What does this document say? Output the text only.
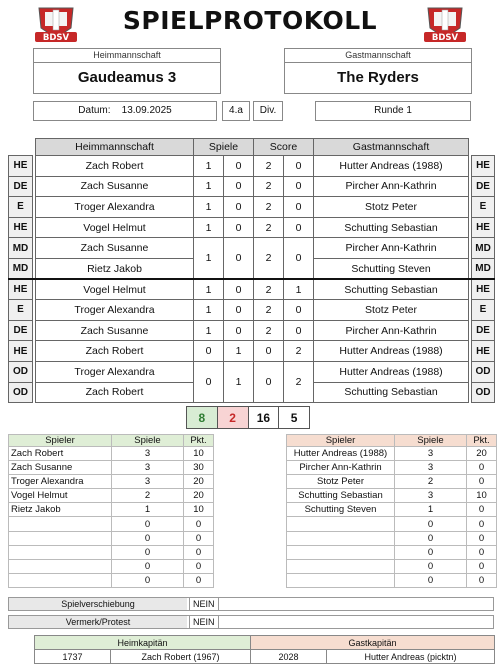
BDSV	BDSV
SPIELPROTOKOLL
Heimmannschaft
Gaudeamus 3
Gastmannschaft
The Ryders
Datum: 13.09.2025	4.a	Div.	Runde 1
		Heimmannschaft	Spiele		Score		Gastmannschaft		
HE		Zach Robert	1	0	2	0	Hutter Andreas (1988)		HE
DE		Zach Susanne	1	0	2	0	Pircher Ann-Kathrin		DE
E		Troger Alexandra	1	0	2	0	Stotz Peter		E
HE		Vogel Helmut	1	0	2	0	Schutting Sebastian		HE
MD		Zach Susanne	1	0	2	0	Pircher Ann-Kathrin		MD
MD		Rietz Jakob					Schutting Steven		MD
HE		Vogel Helmut	1	0	2	1	Schutting Sebastian		HE
E		Troger Alexandra	1	0	2	0	Stotz Peter		E
DE		Zach Susanne	1	0	2	0	Pircher Ann-Kathrin		DE
HE		Zach Robert	0	1	0	2	Hutter Andreas (1988)		HE
OD		Troger Alexandra	0	1	0	2	Hutter Andreas (1988)		OD
OD		Zach Robert					Schutting Sebastian		OD
8	2	16	5
Spieler	Spiele	Pkt.
Zach Robert	3	10
Zach Susanne	3	30
Troger Alexandra	3	20
Vogel Helmut	2	20
Rietz Jakob	1	10
	0	0
	0	0
	0	0
	0	0
	0	0
Spieler	Spiele	Pkt.
Hutter Andreas (1988)	3	20
Pircher Ann-Kathrin	3	0
Stotz Peter	2	0
Schutting Sebastian	3	10
Schutting Steven	1	0
	0	0
	0	0
	0	0
	0	0
	0	0
Spielverschiebung	NEIN
Vermerk/Protest	NEIN
Heimkapitän		Gastkapitän	
1737	Zach Robert (1967)	2028	Hutter Andreas (picktn)
